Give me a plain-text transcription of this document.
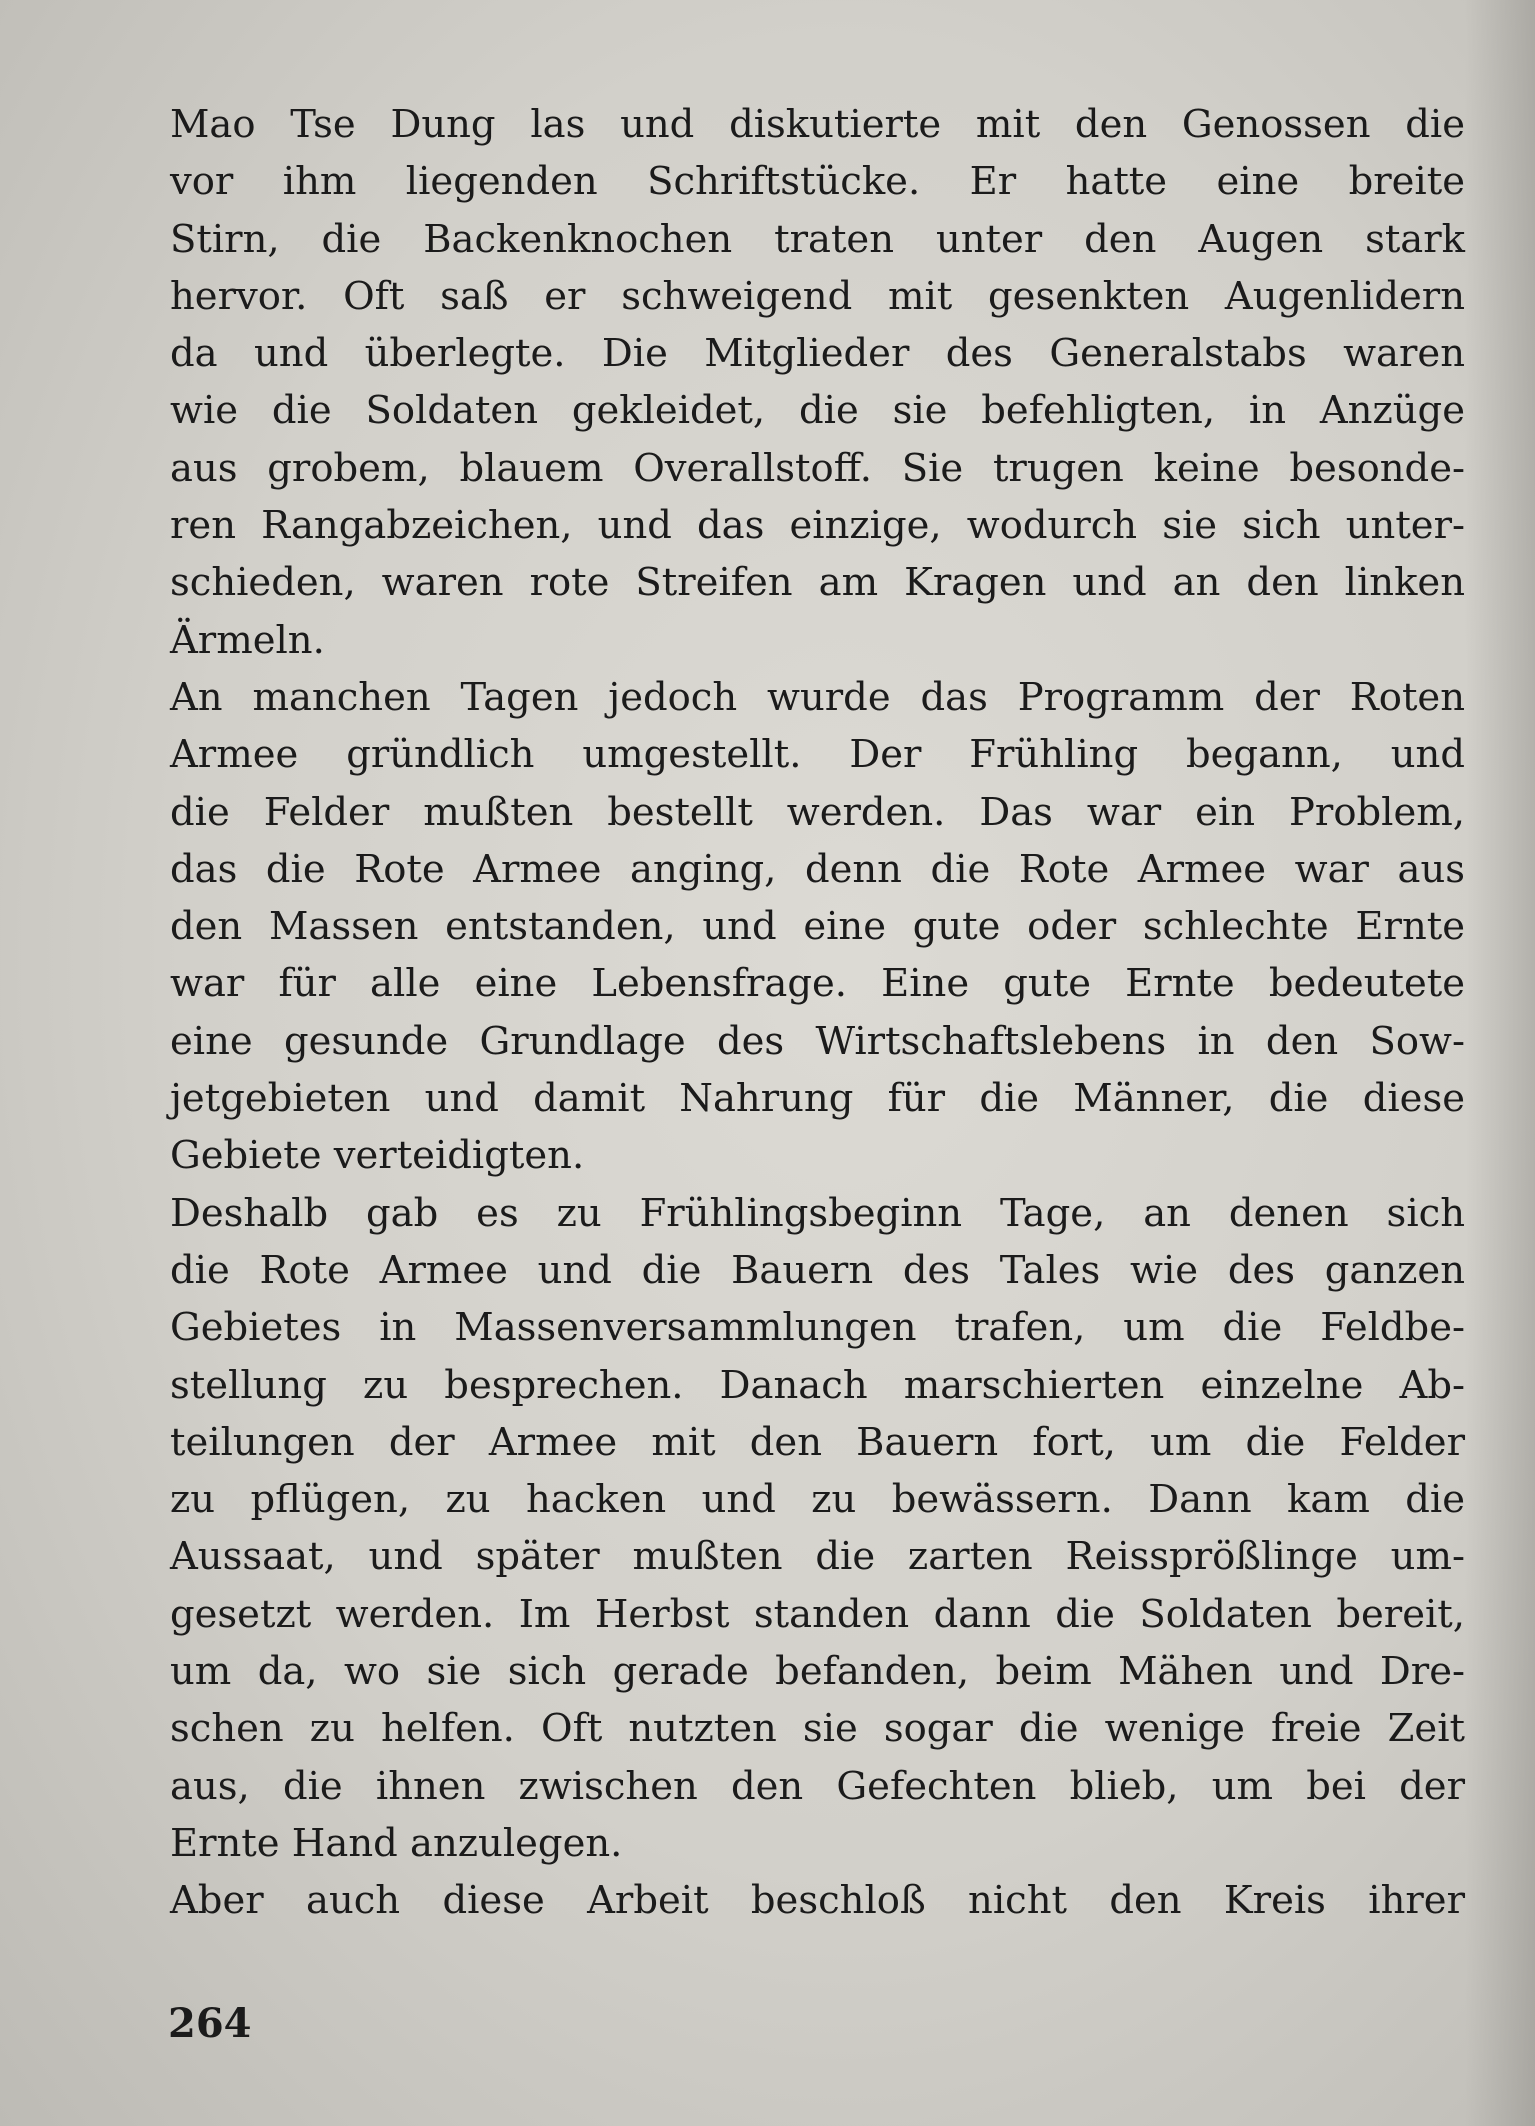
Mao Tse Dung las und diskutierte mit den Genossen die
vor ihm liegenden Schriftstücke. Er hatte eine breite
Stirn, die Backenknochen traten unter den Augen stark
hervor. Oft saß er schweigend mit gesenkten Augenlidern
da und überlegte. Die Mitglieder des Generalstabs waren
wie die Soldaten gekleidet, die sie befehligten, in Anzüge
aus grobem, blauem Overallstoff. Sie trugen keine besonde-
ren Rangabzeichen, und das einzige, wodurch sie sich unter-
schieden, waren rote Streifen am Kragen und an den linken
Ärmeln.
An manchen Tagen jedoch wurde das Programm der Roten
Armee gründlich umgestellt. Der Frühling begann, und
die Felder mußten bestellt werden. Das war ein Problem,
das die Rote Armee anging, denn die Rote Armee war aus
den Massen entstanden, und eine gute oder schlechte Ernte
war für alle eine Lebensfrage. Eine gute Ernte bedeutete
eine gesunde Grundlage des Wirtschaftslebens in den Sow-
jetgebieten und damit Nahrung für die Männer, die diese
Gebiete verteidigten.
Deshalb gab es zu Frühlingsbeginn Tage, an denen sich
die Rote Armee und die Bauern des Tales wie des ganzen
Gebietes in Massenversammlungen trafen, um die Feldbe-
stellung zu besprechen. Danach marschierten einzelne Ab-
teilungen der Armee mit den Bauern fort, um die Felder
zu pflügen, zu hacken und zu bewässern. Dann kam die
Aussaat, und später mußten die zarten Reissprößlinge um-
gesetzt werden. Im Herbst standen dann die Soldaten bereit,
um da, wo sie sich gerade befanden, beim Mähen und Dre-
schen zu helfen. Oft nutzten sie sogar die wenige freie Zeit
aus, die ihnen zwischen den Gefechten blieb, um bei der
Ernte Hand anzulegen.
Aber auch diese Arbeit beschloß nicht den Kreis ihrer
264
